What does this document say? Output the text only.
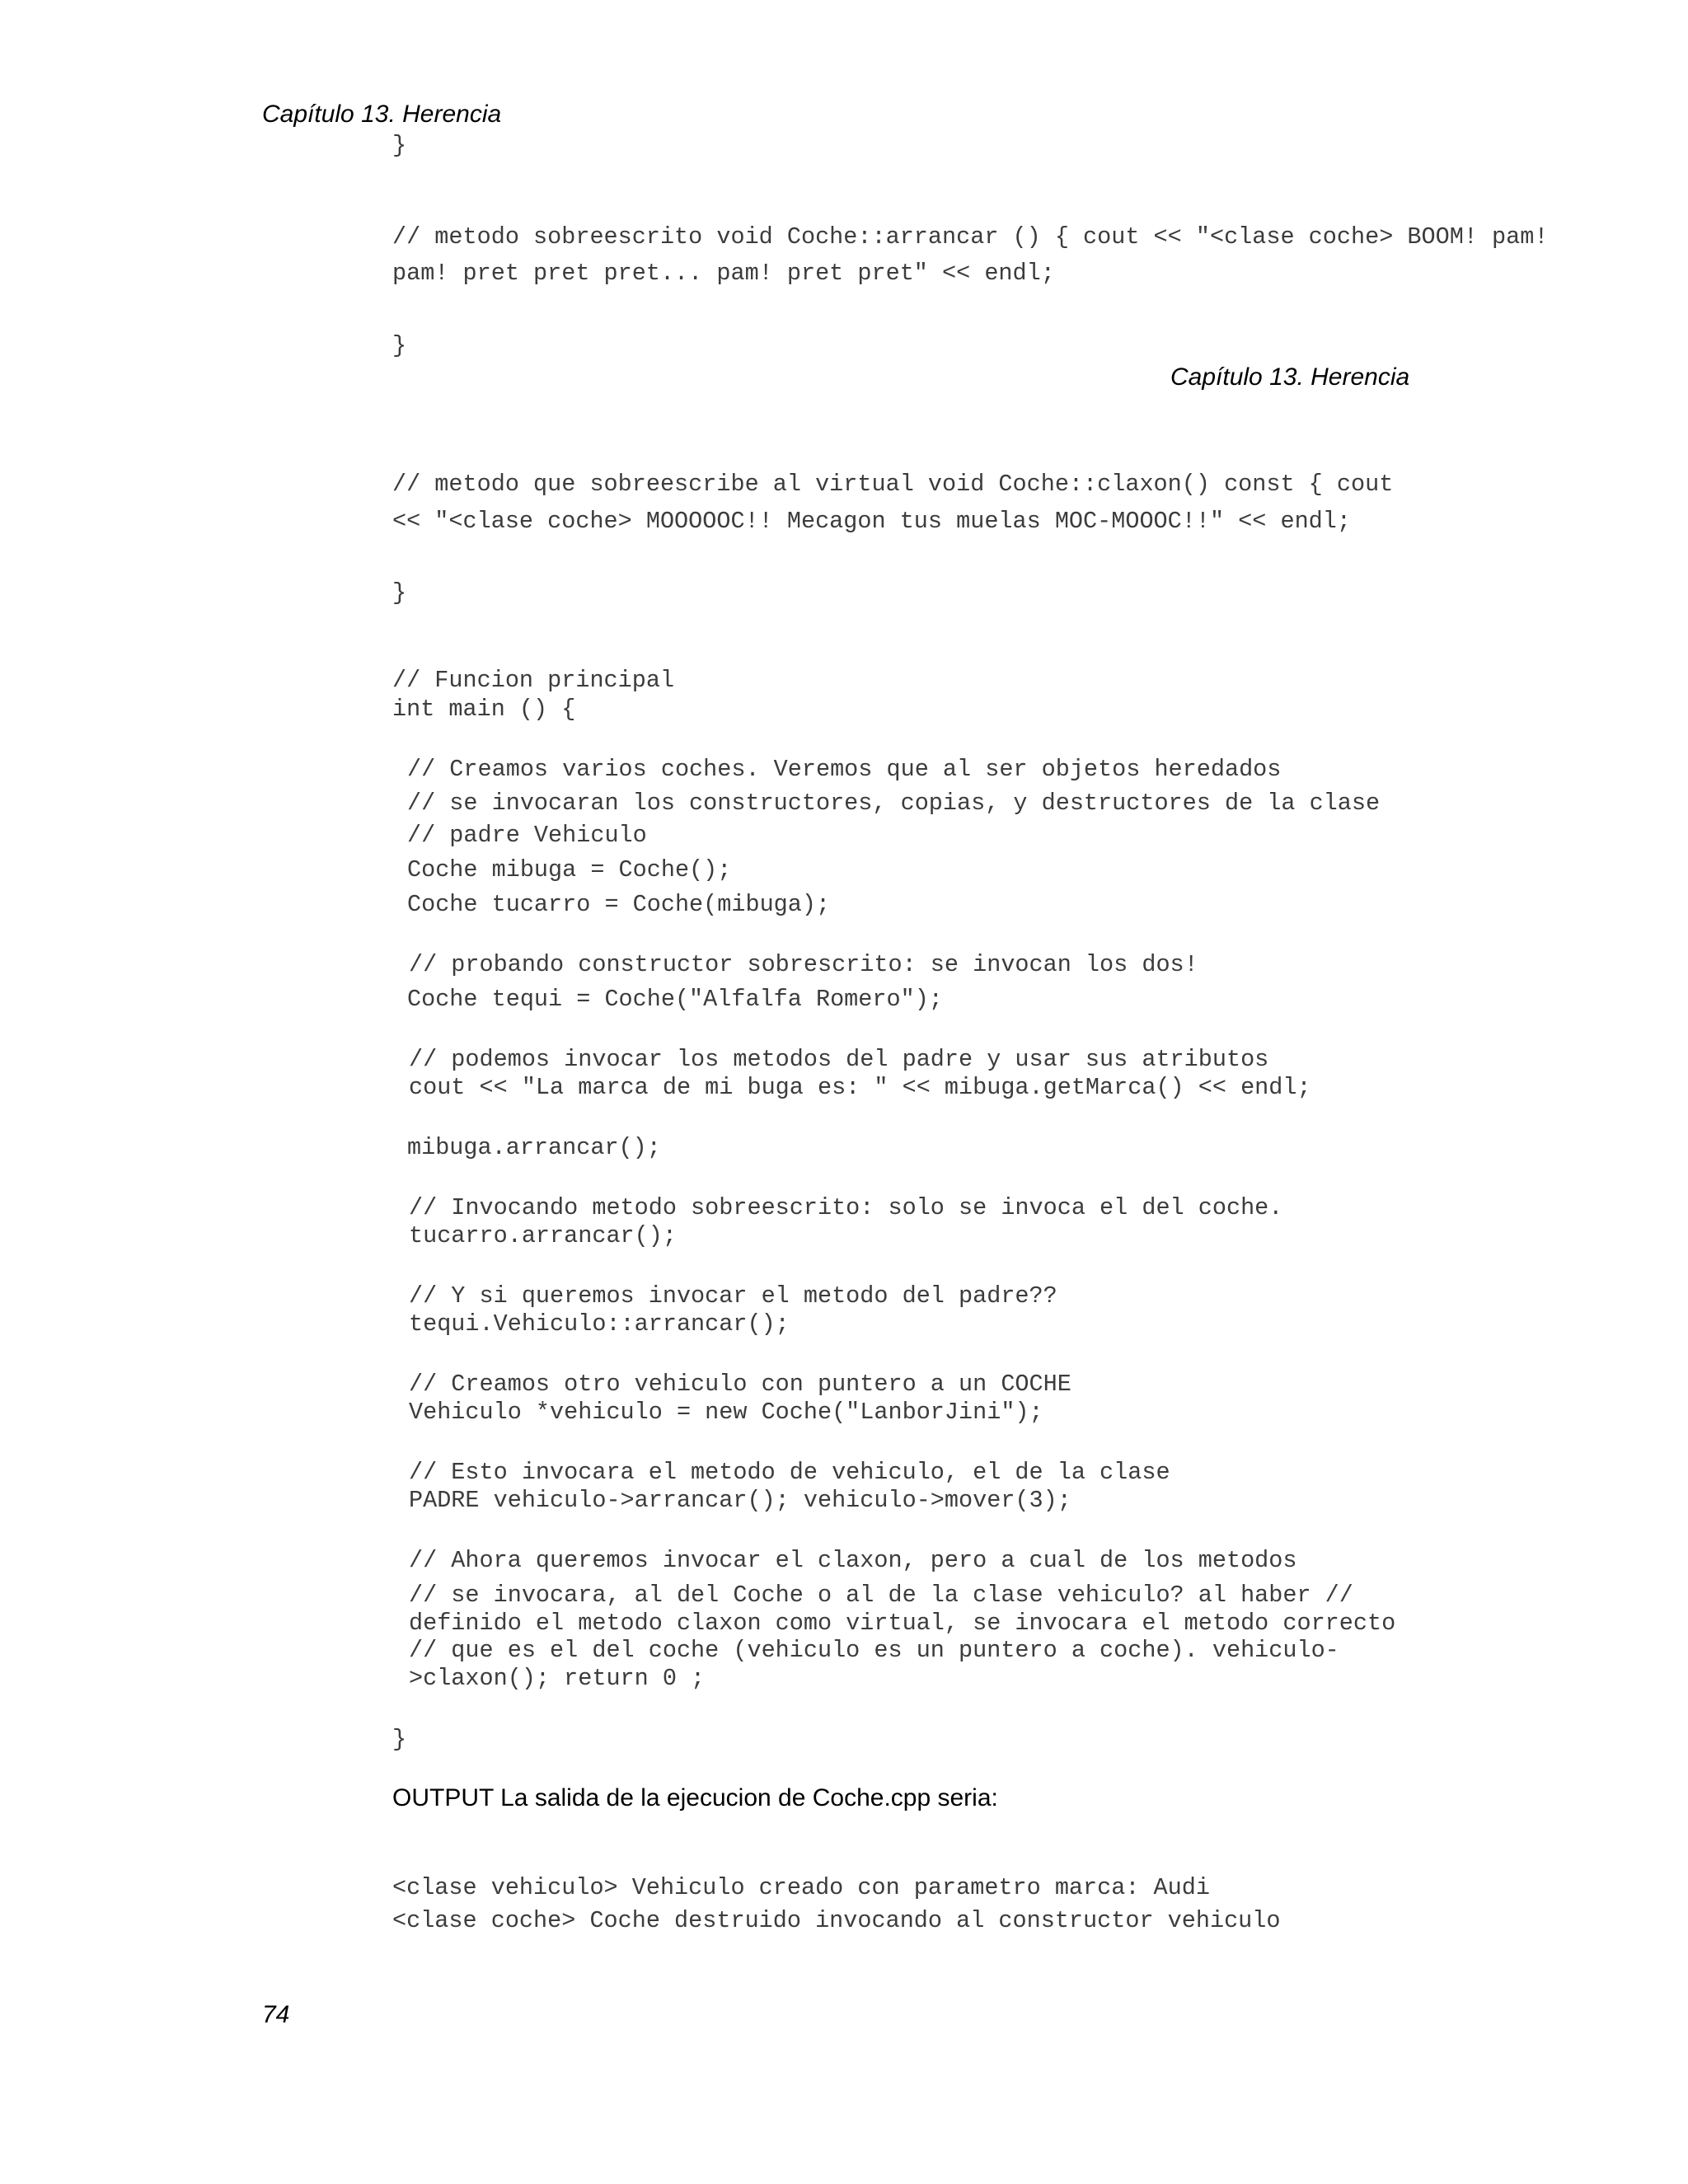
Capítulo 13. Herencia
}
// metodo sobreescrito void Coche::arrancar () { cout << "<clase coche> BOOM! pam!
pam! pret pret pret... pam! pret pret" << endl;
}
Capítulo 13. Herencia
// metodo que sobreescribe al virtual void Coche::claxon() const { cout
<< "<clase coche> MOOOOOC!! Mecagon tus muelas MOC-MOOOC!!" << endl;
}
// Funcion principal
int main () {
// Creamos varios coches. Veremos que al ser objetos heredados
// se invocaran los constructores, copias, y destructores de la clase
// padre Vehiculo
Coche mibuga = Coche();
Coche tucarro = Coche(mibuga);
// probando constructor sobrescrito: se invocan los dos!
Coche tequi = Coche("Alfalfa Romero");
// podemos invocar los metodos del padre y usar sus atributos
cout << "La marca de mi buga es: " << mibuga.getMarca() << endl;
mibuga.arrancar();
// Invocando metodo sobreescrito: solo se invoca el del coche.
tucarro.arrancar();
// Y si queremos invocar el metodo del padre??
tequi.Vehiculo::arrancar();
// Creamos otro vehiculo con puntero a un COCHE
Vehiculo *vehiculo = new Coche("LanborJini");
// Esto invocara el metodo de vehiculo, el de la clase
PADRE vehiculo->arrancar(); vehiculo->mover(3);
// Ahora queremos invocar el claxon, pero a cual de los metodos
// se invocara, al del Coche o al de la clase vehiculo? al haber //
definido el metodo claxon como virtual, se invocara el metodo correcto
// que es el del coche (vehiculo es un puntero a coche). vehiculo-
>claxon(); return 0 ;
}
OUTPUT La salida de la ejecucion de Coche.cpp seria:
<clase vehiculo> Vehiculo creado con parametro marca: Audi
<clase coche> Coche destruido invocando al constructor vehiculo
74
